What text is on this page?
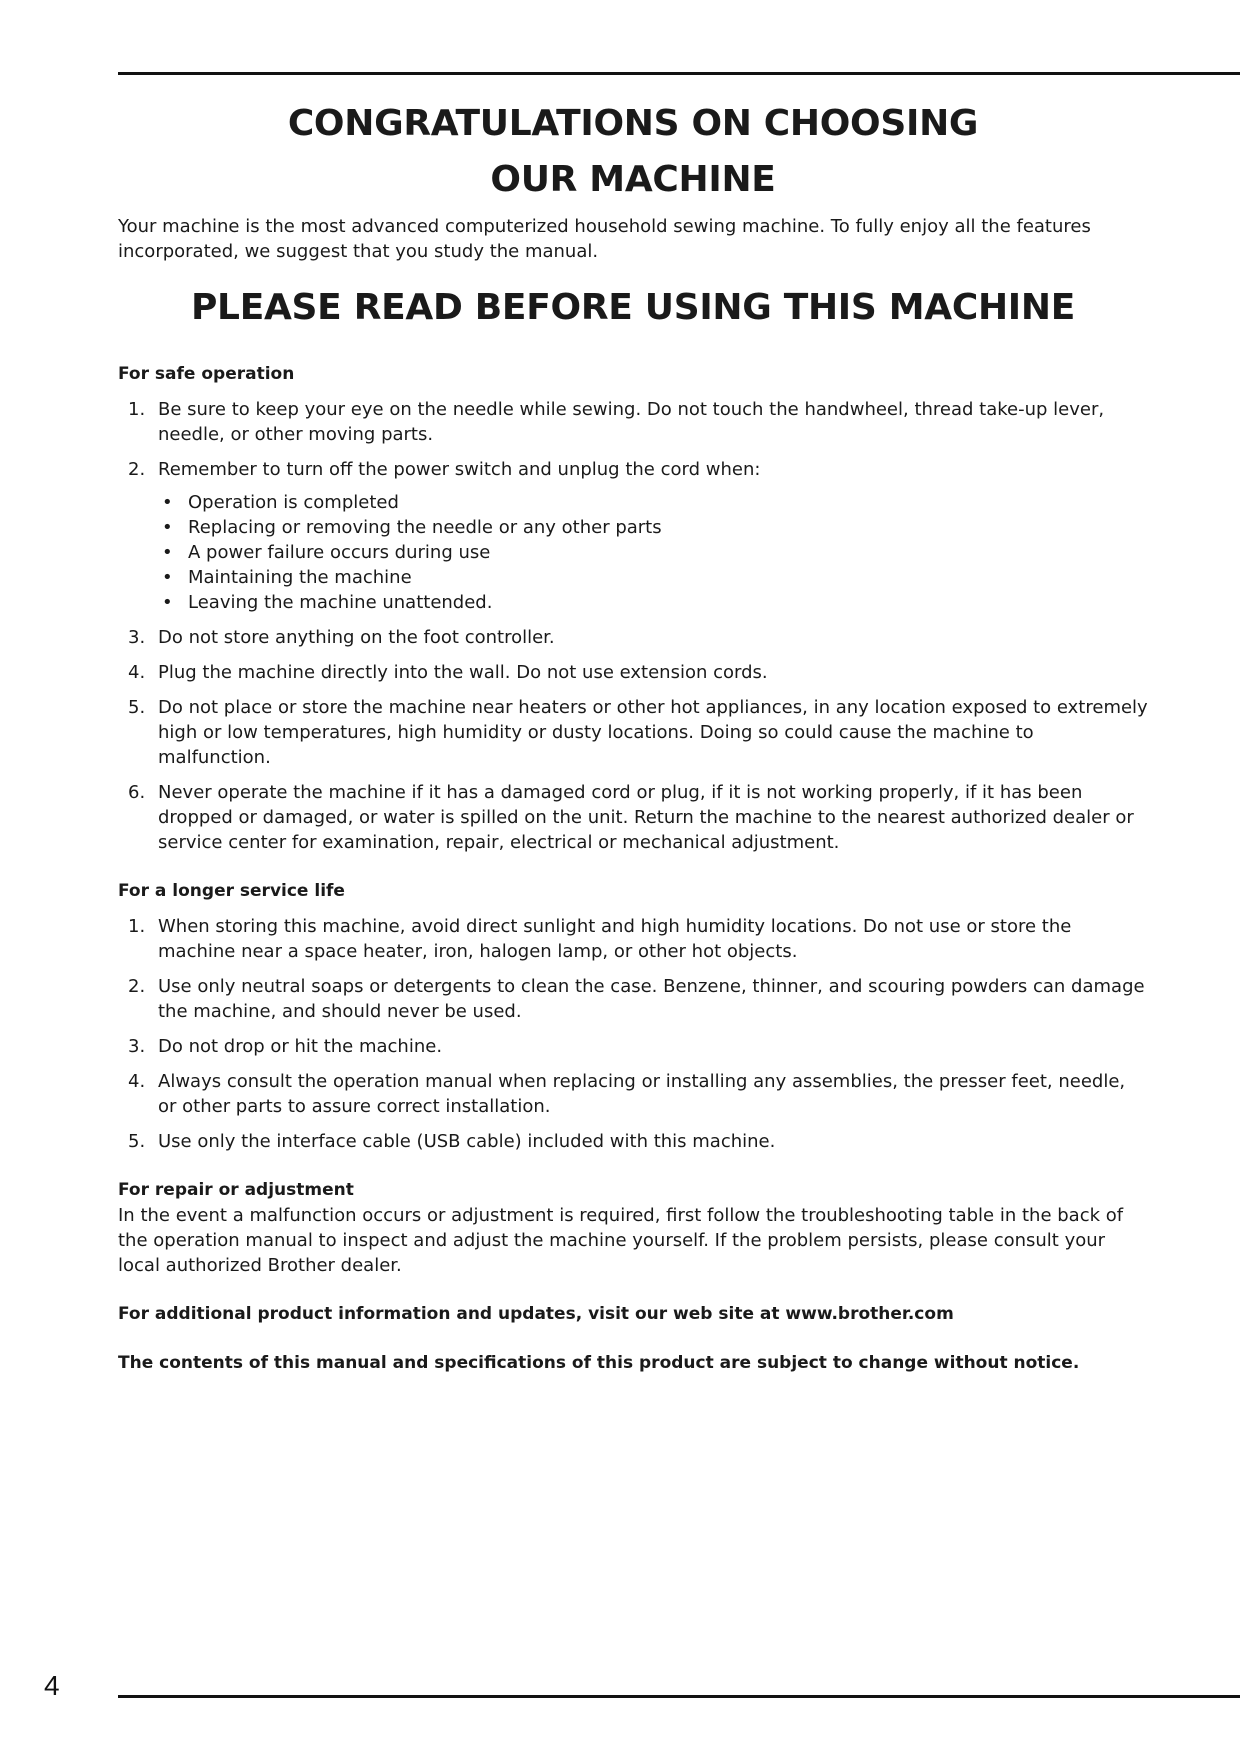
CONGRATULATIONS ON CHOOSING
OUR MACHINE

Your machine is the most advanced computerized household sewing machine. To fully enjoy all the features incorporated, we suggest that you study the manual.

PLEASE READ BEFORE USING THIS MACHINE

For safe operation

1. Be sure to keep your eye on the needle while sewing. Do not touch the handwheel, thread take-up lever, needle, or other moving parts.
2. Remember to turn off the power switch and unplug the cord when:
• Operation is completed
• Replacing or removing the needle or any other parts
• A power failure occurs during use
• Maintaining the machine
• Leaving the machine unattended.
3. Do not store anything on the foot controller.
4. Plug the machine directly into the wall. Do not use extension cords.
5. Do not place or store the machine near heaters or other hot appliances, in any location exposed to extremely high or low temperatures, high humidity or dusty locations. Doing so could cause the machine to malfunction.
6. Never operate the machine if it has a damaged cord or plug, if it is not working properly, if it has been dropped or damaged, or water is spilled on the unit. Return the machine to the nearest authorized dealer or service center for examination, repair, electrical or mechanical adjustment.

For a longer service life

1. When storing this machine, avoid direct sunlight and high humidity locations. Do not use or store the machine near a space heater, iron, halogen lamp, or other hot objects.
2. Use only neutral soaps or detergents to clean the case. Benzene, thinner, and scouring powders can damage the machine, and should never be used.
3. Do not drop or hit the machine.
4. Always consult the operation manual when replacing or installing any assemblies, the presser feet, needle, or other parts to assure correct installation.
5. Use only the interface cable (USB cable) included with this machine.

For repair or adjustment

In the event a malfunction occurs or adjustment is required, first follow the troubleshooting table in the back of the operation manual to inspect and adjust the machine yourself. If the problem persists, please consult your local authorized Brother dealer.

For additional product information and updates, visit our web site at www.brother.com

The contents of this manual and specifications of this product are subject to change without notice.

4
